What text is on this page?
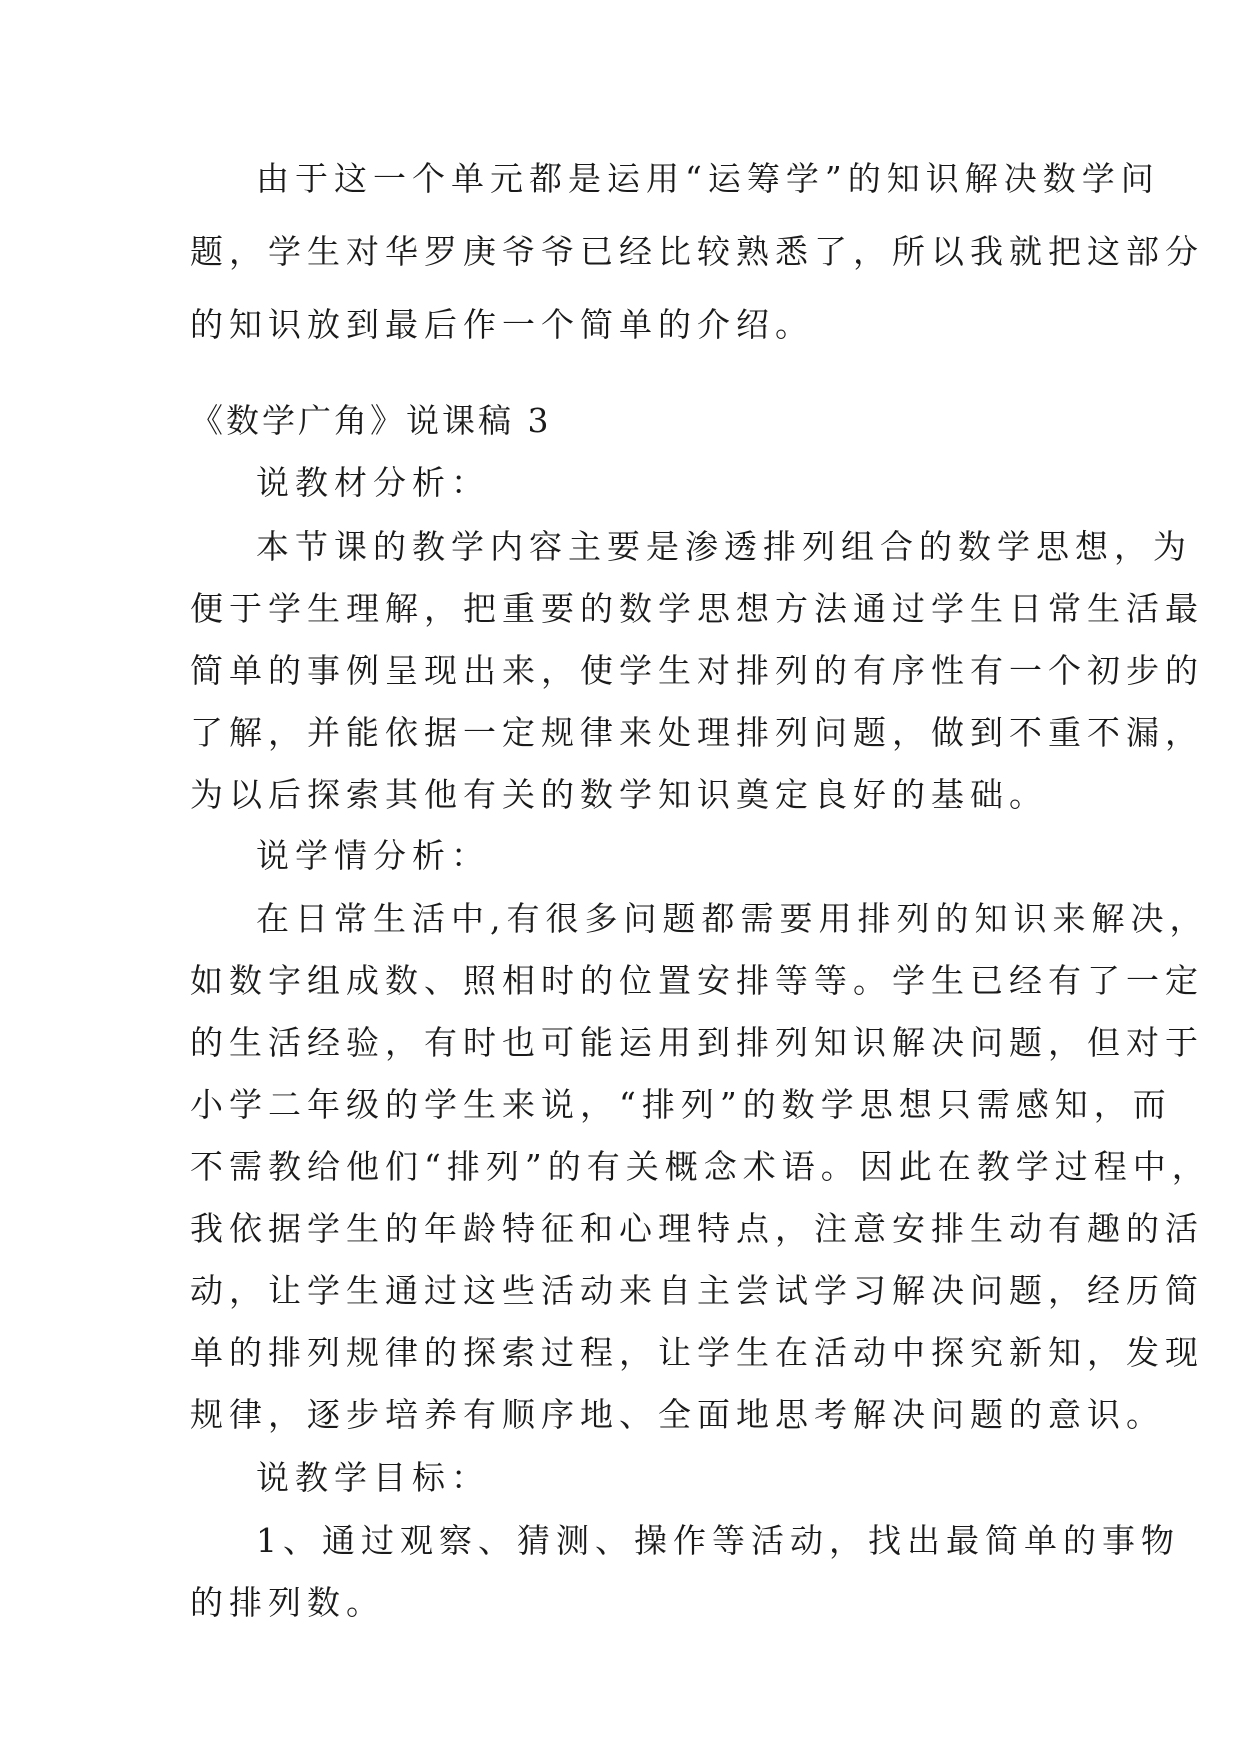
由于这一个单元都是运用“运筹学”的知识解决数学问
题，学生对华罗庚爷爷已经比较熟悉了，所以我就把这部分
的知识放到最后作一个简单的介绍。
《数学广角》说课稿 3
说教材分析：
本节课的教学内容主要是渗透排列组合的数学思想，为
便于学生理解，把重要的数学思想方法通过学生日常生活最
简单的事例呈现出来，使学生对排列的有序性有一个初步的
了解，并能依据一定规律来处理排列问题，做到不重不漏，
为以后探索其他有关的数学知识奠定良好的基础。
说学情分析：
在日常生活中,有很多问题都需要用排列的知识来解决，
如数字组成数、照相时的位置安排等等。学生已经有了一定
的生活经验，有时也可能运用到排列知识解决问题，但对于
小学二年级的学生来说，“排列”的数学思想只需感知，而
不需教给他们“排列”的有关概念术语。因此在教学过程中，
我依据学生的年龄特征和心理特点，注意安排生动有趣的活
动，让学生通过这些活动来自主尝试学习解决问题，经历简
单的排列规律的探索过程，让学生在活动中探究新知，发现
规律，逐步培养有顺序地、全面地思考解决问题的意识。
说教学目标：
1、通过观察、猜测、操作等活动，找出最简单的事物
的排列数。
